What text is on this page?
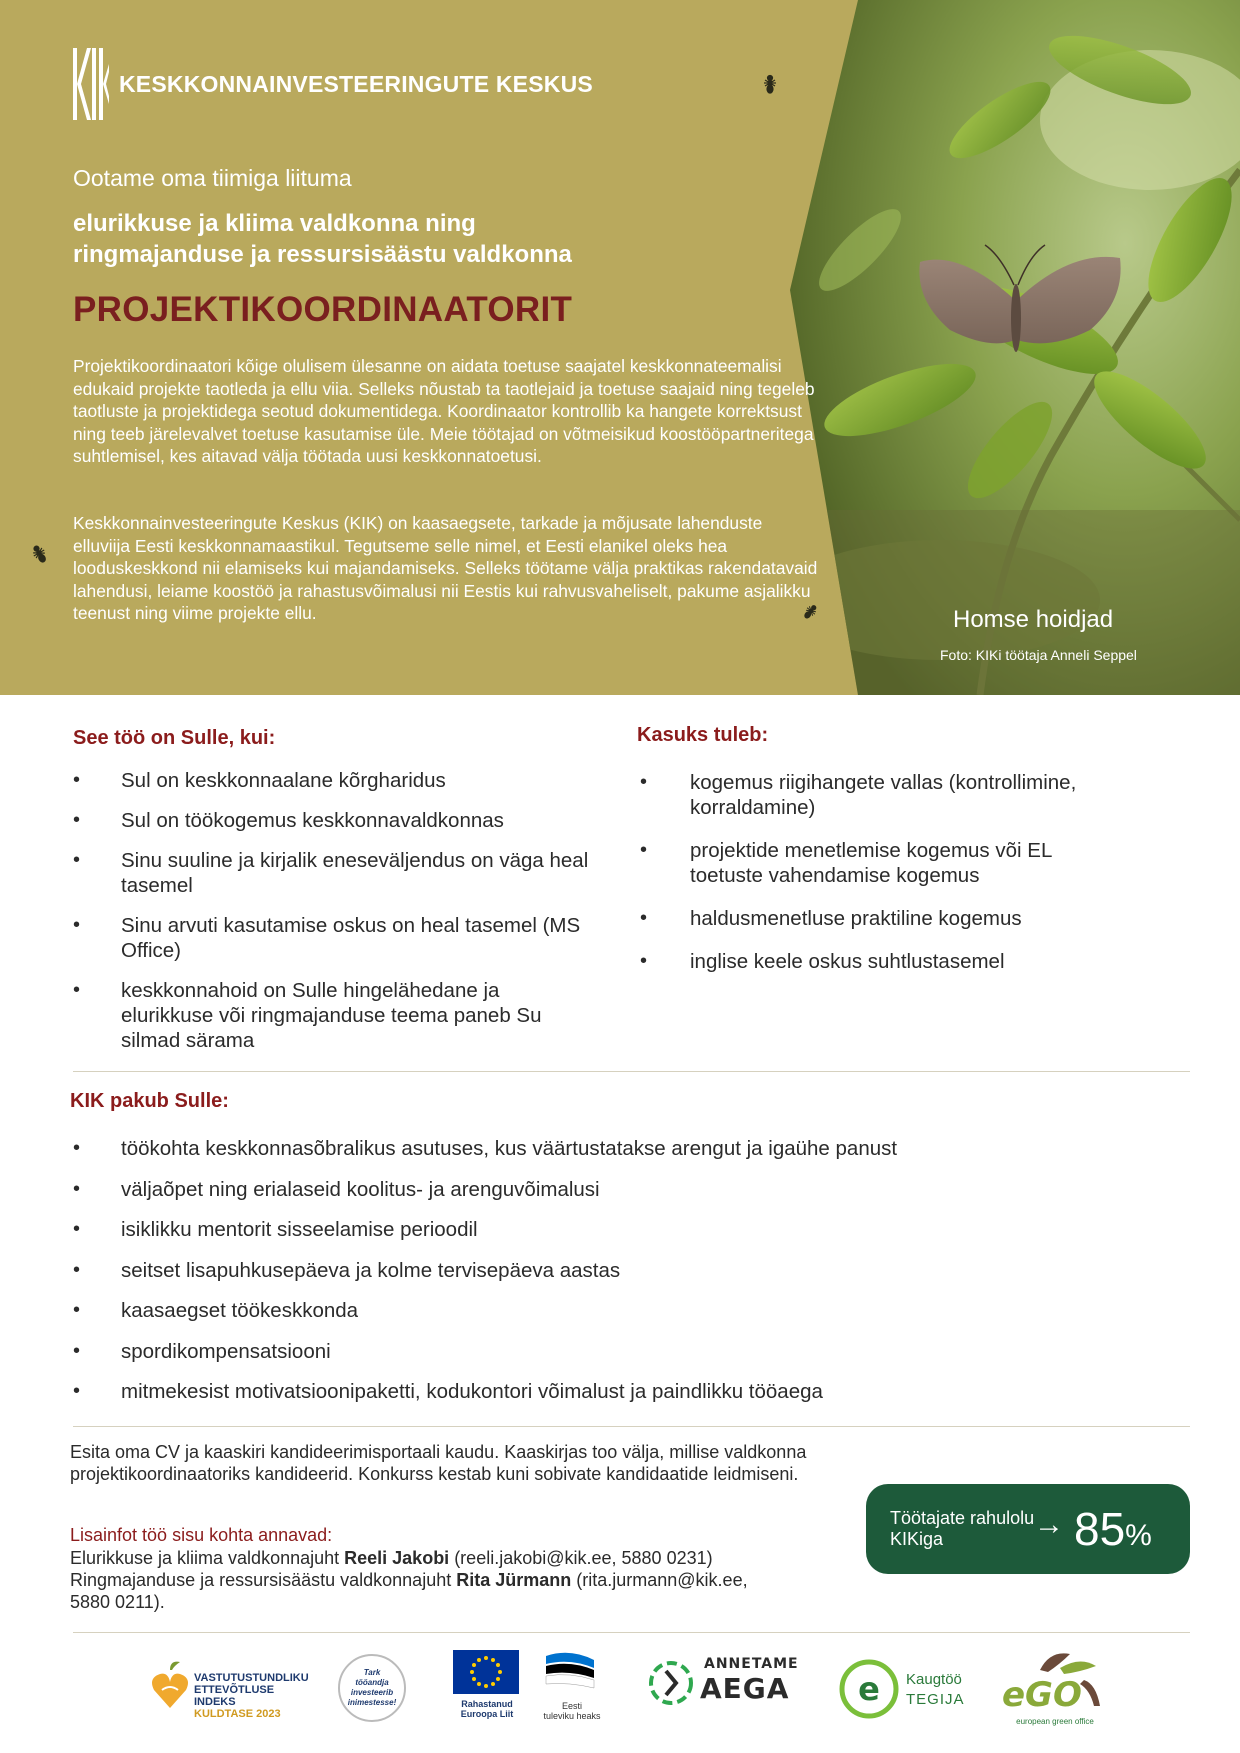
KESKKONNAINVESTEERINGUTE KESKUS
Ootame oma tiimiga liituma
elurikkuse ja kliima valdkonna ning
ringmajanduse ja ressursisäästu valdkonna
PROJEKTIKOORDINAATORIT

Projektikoordinaatori kõige olulisem ülesanne on aidata toetuse saajatel keskkonnateemalisi edukaid projekte taotleda ja ellu viia. Selleks nõustab ta taotlejaid ja toetuse saajaid ning tegeleb taotluste ja projektidega seotud dokumentidega. Koordinaator kontrollib ka hangete korrektsust ning teeb järelevalvet toetuse kasutamise üle. Meie töötajad on võtmeisikud koostööpartneritega suhtlemisel, kes aitavad välja töötada uusi keskkonnatoetusi.

Keskkonnainvesteeringute Keskus (KIK) on kaasaegsete, tarkade ja mõjusate lahenduste elluviija Eesti keskkonnamaastikul. Tegutseme selle nimel, et Eesti elanikel oleks hea looduskeskkond nii elamiseks kui majandamiseks. Selleks töötame välja praktikas rakendatavaid lahendusi, leiame koostöö ja rahastusvõimalusi nii Eestis kui rahvusvaheliselt, pakume asjalikku teenust ning viime projekte ellu.	Homse hoidjad
Foto: KIKi töötaja Anneli Seppel
See töö on Sulle, kui:
• Sul on keskkonnaalane kõrgharidus
• Sul on töökogemus keskkonnavaldkonnas
• Sinu suuline ja kirjalik eneseväljendus on väga heal tasemel
• Sinu arvuti kasutamise oskus on heal tasemel (MS Office)
• keskkonnahoid on Sulle hingelähedane ja elurikkuse või ringmajanduse teema paneb Su silmad särama
Kasuks tuleb:
• kogemus riigihangete vallas (kontrollimine, korraldamine)
• projektide menetlemise kogemus või EL toetuste vahendamise kogemus
• haldusmenetluse praktiline kogemus
• inglise keele oskus suhtlustasemel
KIK pakub Sulle:
• töökohta keskkonnasõbralikus asutuses, kus väärtustatakse arengut ja igaühe panust
• väljaõpet ning erialaseid koolitus- ja arenguvõimalusi
• isiklikku mentorit sisseelamise perioodil
• seitset lisapuhkusepäeva ja kolme tervisepäeva aastas
• kaasaegset töökeskkonda
• spordikompensatsiooni
• mitmekesist motivatsioonipaketti, kodukontori võimalust ja paindlikku tööaega

Esita oma CV ja kaaskiri kandideerimisportaali kaudu. Kaaskirjas too välja, millise valdkonna projektikoordinaatoriks kandideerid. Konkurss kestab kuni sobivate kandidaatide leidmiseni.

Lisainfot töö sisu kohta annavad:
Elurikkuse ja kliima valdkonnajuht Reeli Jakobi (reeli.jakobi@kik.ee, 5880 0231)
Ringmajanduse ja ressursisäästu valdkonnajuht Rita Jürmann (rita.jurmann@kik.ee, 5880 0211).
Töötajate rahulolu KIKiga	→ 85%
VASTUTUSTUNDLIKU
ETTEVÕTLUSE INDEKS
KULDTASE 2023
Tark tööandja investeerib inimestesse!	Rahastanud
Euroopa Liit
Eesti
tuleviku heaks
ANNETAME
AEGA e Kaugtöö
TEGIJA eGO
european green office
